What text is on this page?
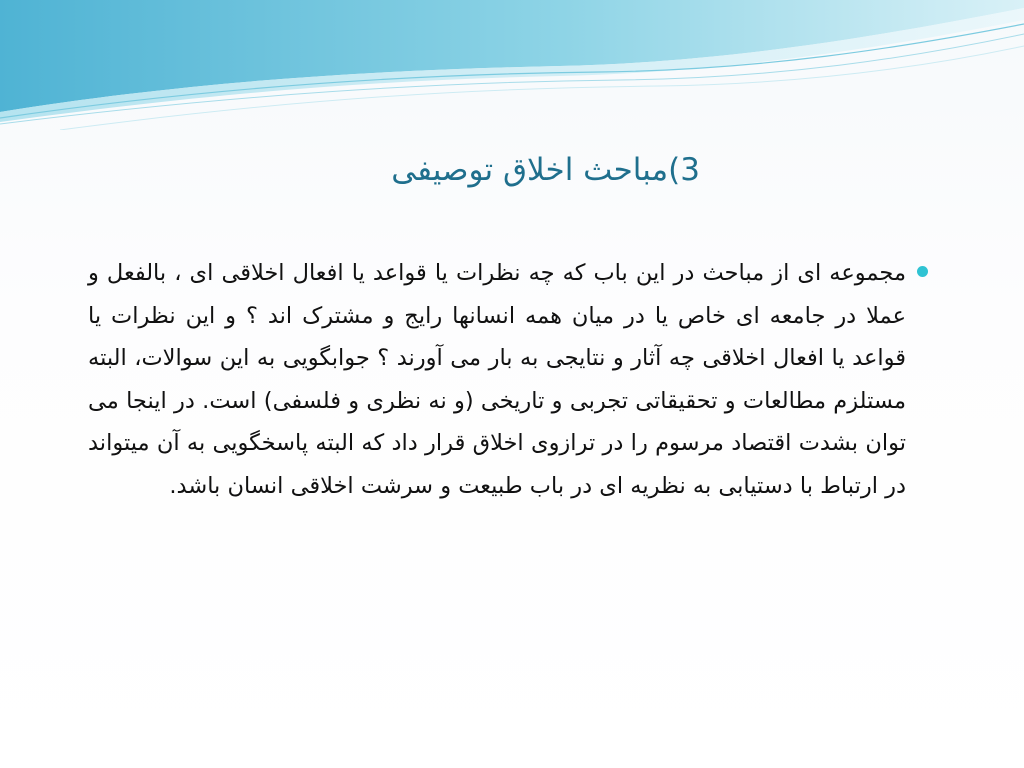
3)مباحث اخلاق توصیفی

مجموعه ای از مباحث در این باب که چه نظرات یا قواعد یا افعال اخلاقی ای ، بالفعل و عملا در جامعه ای خاص یا در میان همه انسانها رایج و مشترک اند ؟ و این نظرات یا قواعد یا افعال اخلاقی چه آثار و نتایجی به بار می آورند ؟ جوابگویی به این سوالات، البته مستلزم مطالعات و تحقیقاتی تجربی و تاریخی (و نه نظری و فلسفی) است. در اینجا می توان بشدت اقتصاد مرسوم را در ترازوی اخلاق قرار داد که البته پاسخگویی به آن میتواند در ارتباط با دستیابی به نظریه ای در باب طبیعت و سرشت اخلاقی انسان باشد.
